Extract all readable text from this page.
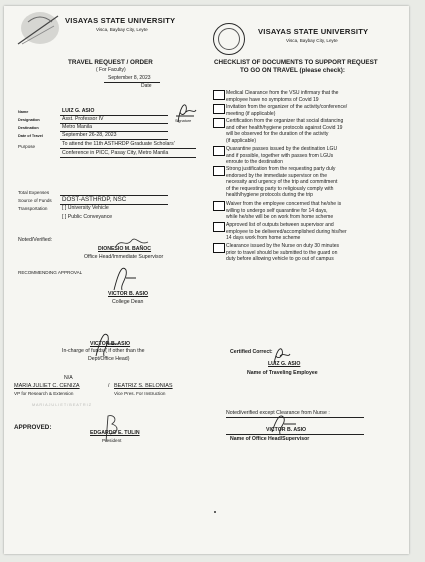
VISAYAS STATE UNIVERSITY
Visca, Baybay City, Leyte	VISAYAS STATE UNIVERSITY
Visca, Baybay City, Leyte
TRAVEL REQUEST / ORDER
( For Faculty)
September 8, 2023
Date
Name	LUIZ G. ASIO
Designation	Asst. Professor IV	Signature
Destination	Metro Manila
Date of Travel	September 26-28, 2023
Purpose	To attend the 11th ASTHRDP Graduate Scholars'
Conference in PICC, Pasay City, Metro Manila
Total Expenses
Source of Funds DOST-ASTHRDP, NSC
Transportation	[ ] University Vehicle
[ ] Public Conveyance
Noted/Verified:
DIONESIO M. BAÑOC
Office Head/Immediate Supervisor
RECOMMENDING APPROVAL
VICTOR B. ASIO
College Dean
VICTOR B. ASIO
In-charge of funds ( if other than the
Dept/Office Head)
N/A
MARIA JULIET C. CENIZA	/ BEATRIZ S. BELONIAS
VP for Research & Extension	Vice Pres. For Instruction
M A R I A J U L I E T / B E A T R I Z
APPROVED:
EDGARDO E. TULIN
President
CHECKLIST OF DOCUMENTS TO SUPPORT REQUEST
TO GO ON TRAVEL (please check):
Medical Clearance from the VSU infirmary that the
employee have no symptoms of Covid 19
Invitation from the organizer of the activity/conference/
meeting (if applicable)
Certification from the organizer that social distancing
and other health/hygiene protocols against Covid 19
will be observed for the duration of the activity
(if applicable)
Quarantine passes issued by the destination LGU
and if possible, together with passes from LGUs
enroute to the destination
Strong justification from the requesting party duly
endorsed by the immediate supervisor on the
necessity and urgency of the trip and commitment
of the requesting party to religiously comply with
health/hygiene protocols during the trip
Waiver from the employee concerned that he/she is
willing to undergo self quarantine for 14 days,
while he/she will be on work from home scheme
Approved list of outputs between supervisor and
employee to be delivered/accomplished during his/her
14 days work from home scheme
Clearance issued by the Nurse on duty 30 minutes
prior to travel should be submitted to the guard on
duty before allowing vehicle to go out of campus
Certified Correct:
LUIZ G. ASIO
Name of Traveling Employee
Noted/verified except Clearance from Nurse :
VICTOR B. ASIO
Name of Office Head/Supervisor
